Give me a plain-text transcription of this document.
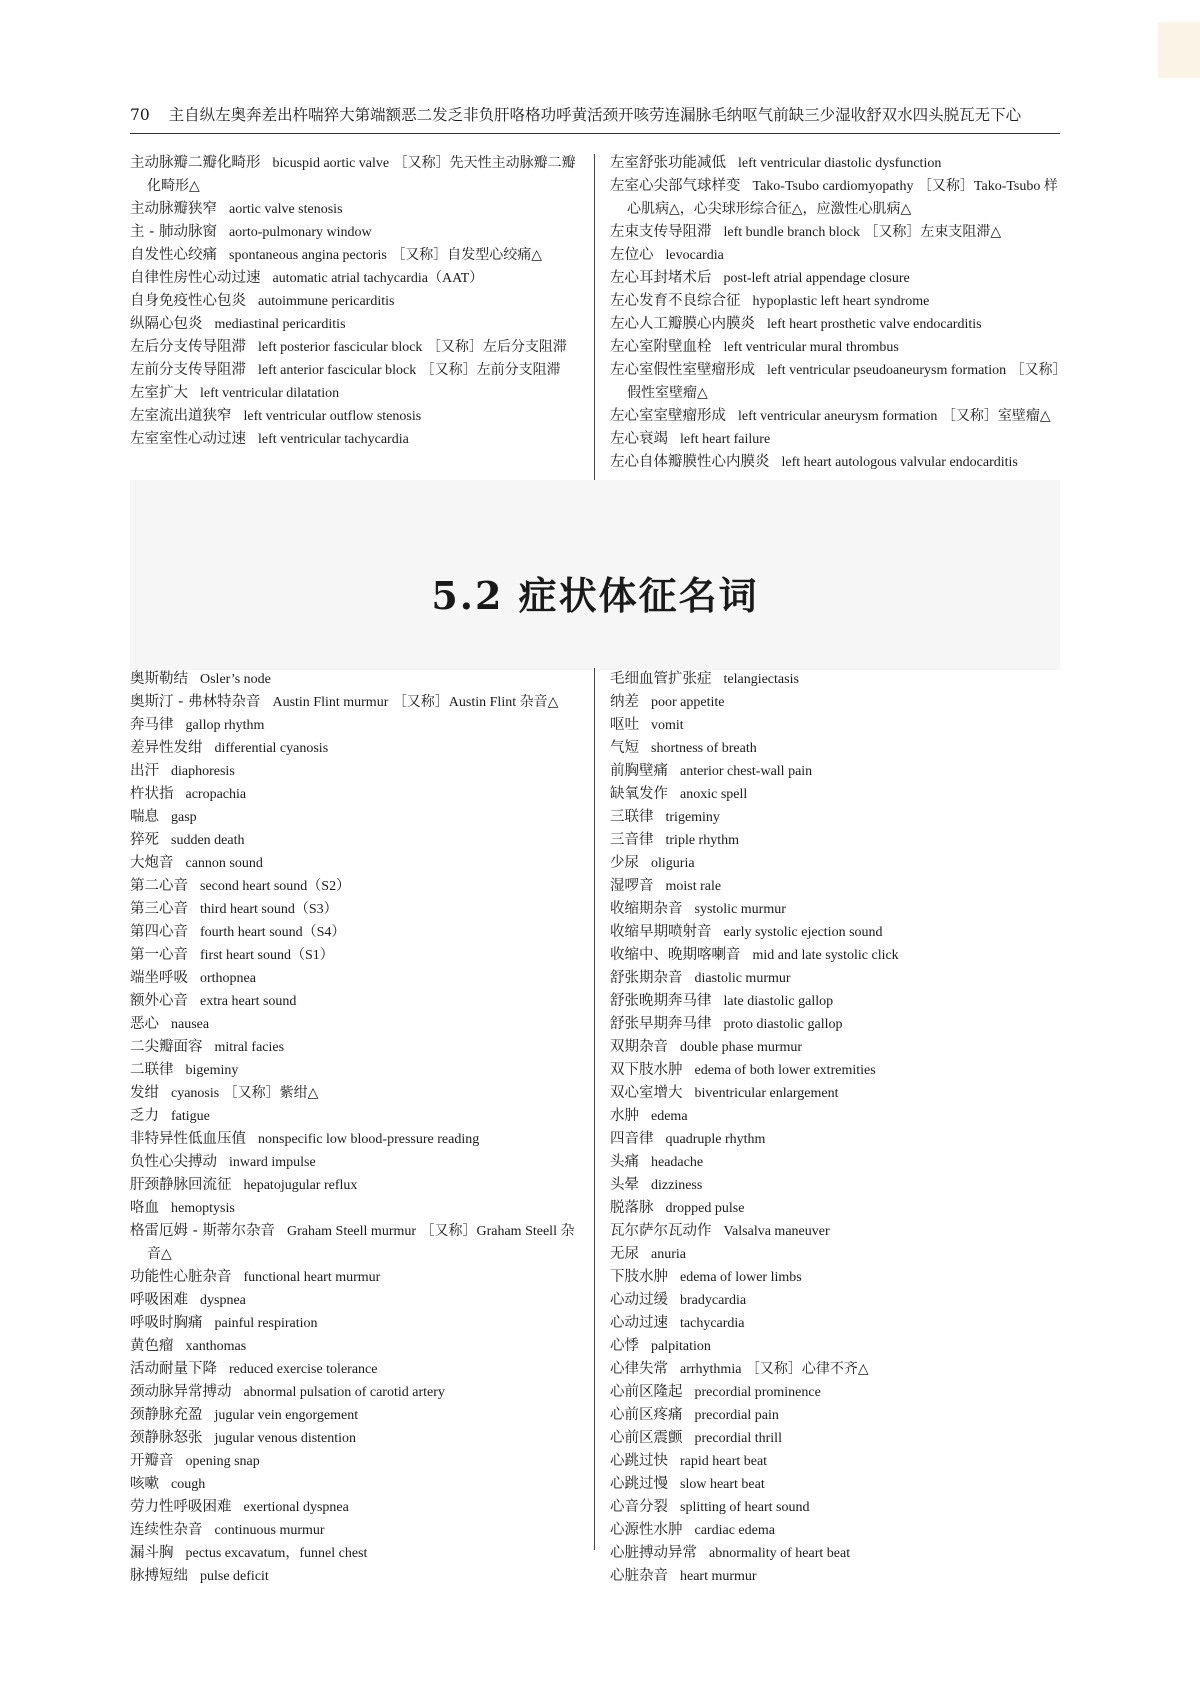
70 主自纵左奥奔差出杵喘猝大第端额恶二发乏非负肝咯格功呼黄活颈开咳劳连漏脉毛纳呕气前缺三少湿收舒双水四头脱瓦无下心

主动脉瓣二瓣化畸形 bicuspid aortic valve ［又称］先天性主动脉瓣二瓣化畸形△

主动脉瓣狭窄 aortic valve stenosis

主 - 肺动脉窗 aorto-pulmonary window

自发性心绞痛 spontaneous angina pectoris ［又称］自发型心绞痛△

自律性房性心动过速 automatic atrial tachycardia（AAT）

自身免疫性心包炎 autoimmune pericarditis

纵隔心包炎 mediastinal pericarditis

左后分支传导阻滞 left posterior fascicular block ［又称］左后分支阻滞

左前分支传导阻滞 left anterior fascicular block ［又称］左前分支阻滞

左室扩大 left ventricular dilatation

左室流出道狭窄 left ventricular outflow stenosis

左室室性心动过速 left ventricular tachycardia

左室舒张功能减低 left ventricular diastolic dysfunction

左室心尖部气球样变 Tako-Tsubo cardiomyopathy ［又称］Tako-Tsubo 样心肌病△，心尖球形综合征△，应激性心肌病△

左束支传导阻滞 left bundle branch block ［又称］左束支阻滞△

左位心 levocardia

左心耳封堵术后 post-left atrial appendage closure

左心发育不良综合征 hypoplastic left heart syndrome

左心人工瓣膜心内膜炎 left heart prosthetic valve endocarditis

左心室附壁血栓 left ventricular mural thrombus

左心室假性室壁瘤形成 left ventricular pseudoaneurysm formation ［又称］假性室壁瘤△

左心室室壁瘤形成 left ventricular aneurysm formation ［又称］室壁瘤△

左心衰竭 left heart failure

左心自体瓣膜性心内膜炎 left heart autologous valvular endocarditis

5.2 症状体征名词

奥斯勒结 Osler’s node

奥斯汀 - 弗林特杂音 Austin Flint murmur ［又称］Austin Flint 杂音△

奔马律 gallop rhythm

差异性发绀 differential cyanosis

出汗 diaphoresis

杵状指 acropachia

喘息 gasp

猝死 sudden death

大炮音 cannon sound

第二心音 second heart sound（S2）

第三心音 third heart sound（S3）

第四心音 fourth heart sound（S4）

第一心音 first heart sound（S1）

端坐呼吸 orthopnea

额外心音 extra heart sound

恶心 nausea

二尖瓣面容 mitral facies

二联律 bigeminy

发绀 cyanosis ［又称］紫绀△

乏力 fatigue

非特异性低血压值 nonspecific low blood-pressure reading

负性心尖搏动 inward impulse

肝颈静脉回流征 hepatojugular reflux

咯血 hemoptysis

格雷厄姆 - 斯蒂尔杂音 Graham Steell murmur ［又称］Graham Steell 杂音△

功能性心脏杂音 functional heart murmur

呼吸困难 dyspnea

呼吸时胸痛 painful respiration

黄色瘤 xanthomas

活动耐量下降 reduced exercise tolerance

颈动脉异常搏动 abnormal pulsation of carotid artery

颈静脉充盈 jugular vein engorgement

颈静脉怒张 jugular venous distention

开瓣音 opening snap

咳嗽 cough

劳力性呼吸困难 exertional dyspnea

连续性杂音 continuous murmur

漏斗胸 pectus excavatum，funnel chest

脉搏短绌 pulse deficit

毛细血管扩张症 telangiectasis

纳差 poor appetite

呕吐 vomit

气短 shortness of breath

前胸壁痛 anterior chest-wall pain

缺氧发作 anoxic spell

三联律 trigeminy

三音律 triple rhythm

少尿 oliguria

湿啰音 moist rale

收缩期杂音 systolic murmur

收缩早期喷射音 early systolic ejection sound

收缩中、晚期喀喇音 mid and late systolic click

舒张期杂音 diastolic murmur

舒张晚期奔马律 late diastolic gallop

舒张早期奔马律 proto diastolic gallop

双期杂音 double phase murmur

双下肢水肿 edema of both lower extremities

双心室增大 biventricular enlargement

水肿 edema

四音律 quadruple rhythm

头痛 headache

头晕 dizziness

脱落脉 dropped pulse

瓦尔萨尔瓦动作 Valsalva maneuver

无尿 anuria

下肢水肿 edema of lower limbs

心动过缓 bradycardia

心动过速 tachycardia

心悸 palpitation

心律失常 arrhythmia ［又称］心律不齐△

心前区隆起 precordial prominence

心前区疼痛 precordial pain

心前区震颤 precordial thrill

心跳过快 rapid heart beat

心跳过慢 slow heart beat

心音分裂 splitting of heart sound

心源性水肿 cardiac edema

心脏搏动异常 abnormality of heart beat

心脏杂音 heart murmur
